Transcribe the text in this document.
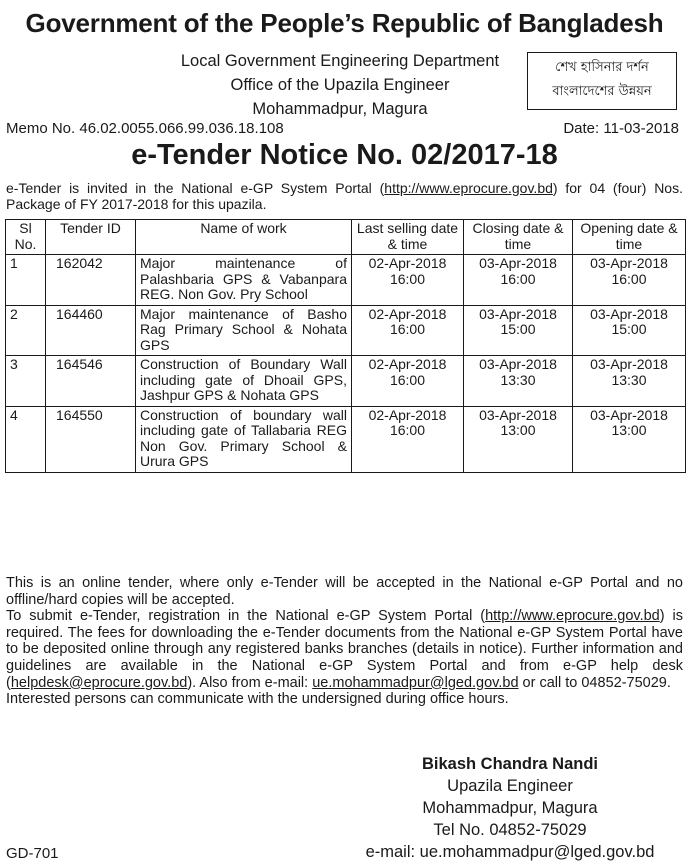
Government of the People’s Republic of Bangladesh
Local Government Engineering Department
Office of the Upazila Engineer
Mohammadpur, Magura
শেখ হাসিনার দর্শন
বাংলাদেশের উন্নয়ন
Memo No. 46.02.0055.066.99.036.18.108	Date: 11-03-2018
e-Tender Notice No. 02/2017-18
e-Tender is invited in the National e-GP System Portal (http://www.eprocure.gov.bd) for 04 (four) Nos. Package of FY 2017-2018 for this upazila.
Sl No.	Tender ID	Name of work	Last selling date & time	Closing date & time	Opening date & time
1	162042	Major maintenance of Palashbaria GPS & Vabanpara REG. Non Gov. Pry School	02-Apr-2018 16:00	03-Apr-2018 16:00	03-Apr-2018 16:00
2	164460	Major maintenance of Basho Rag Primary School & Nohata GPS	02-Apr-2018 16:00	03-Apr-2018 15:00	03-Apr-2018 15:00
3	164546	Construction of Boundary Wall including gate of Dhoail GPS, Jashpur GPS & Nohata GPS	02-Apr-2018 16:00	03-Apr-2018 13:30	03-Apr-2018 13:30
4	164550	Construction of boundary wall including gate of Tallabaria REG Non Gov. Primary School & Urura GPS	02-Apr-2018 16:00	03-Apr-2018 13:00	03-Apr-2018 13:00

This is an online tender, where only e-Tender will be accepted in the National e-GP Portal and no offline/hard copies will be accepted.

To submit e-Tender, registration in the National e-GP System Portal (http://www.eprocure.gov.bd) is required. The fees for downloading the e-Tender documents from the National e-GP System Portal have to be deposited online through any registered banks branches (details in notice). Further information and guidelines are available in the National e-GP System Portal and from e-GP help desk (helpdesk@eprocure.gov.bd). Also from e-mail: ue.mohammadpur@lged.gov.bd or call to 04852-75029.

Interested persons can communicate with the undersigned during office hours.

Bikash Chandra Nandi
Upazila Engineer
Mohammadpur, Magura
Tel No. 04852-75029
e-mail: ue.mohammadpur@lged.gov.bd
GD-701
